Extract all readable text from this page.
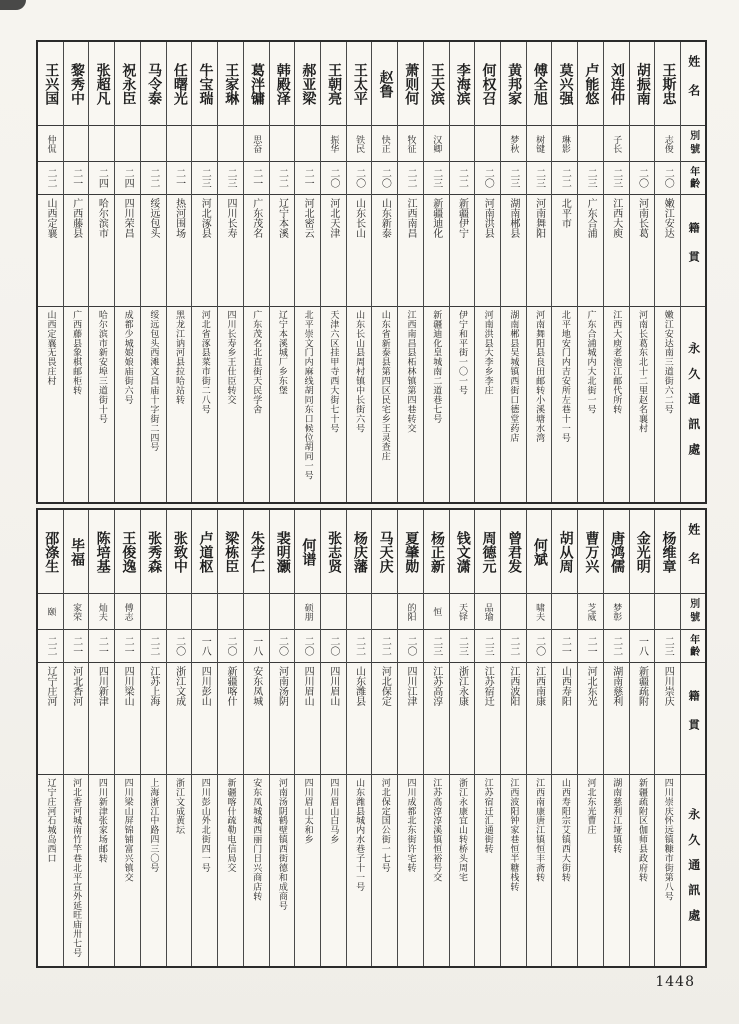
姓名
別號
年齡
籍貫
永久通訊處
王斯忠
志俊
二〇
嫩江安达
嫩江安达南三道街六二号
胡振南
二〇
河南长葛
河南长葛东北十二里赵名襄村
刘连仲
子长
二三
江西大庾
江西大庾老池江邮代所转
卢能悠
二三
广东合浦
广东合浦城内大北街一号
莫兴强
琳影
二二
北平市
北平地安门内吉安所左巷十一号
傅全旭
树键
二三
河南舞阳
河南舞阳县良田邮转小溪塘水湾
黄邦家
梦秋
二三
湖南郴县
湖南郴县吴城镇西街口德堂药店
何权召
二〇
河南洪县
河南洪县大李乡李庄
李海滨
二二
新疆伊宁
伊宁和平街一〇一号
王天滨
汉卿
二三
新疆迪化
新疆迪化皇城南二道巷七号
萧则何
牧征
二二
江西南昌
江西南昌县柘林镇第四巷转交
赵鲁
快正
二〇
山东新泰
山东省新泰县第四区民宅乡王灵查庄
王太平
铁民
二〇
山东长山
山东长山县周村镇中长街六号
王朝亮
振华
二〇
河北天津
天津六区挂甲寺西大街七十号
郝亚梁
二一
河北密云
北平崇文门内麻线胡同东口候位胡同一号
韩殿泽
二二
辽宁本溪
辽宁本溪城厂乡东堡
葛泮镛
思奋
二一
广东茂名
广东茂名北直街天民学舍
王家琳
二三
四川长寿
四川长寿乡王仕臣转交
牛宝瑞
二三
河北涿县
河北省涿县菜市街二八号
任曙光
二一
热河围场
黑龙江讷河县拉哈站转
马令泰
二二
绥远包头
绥远包头西滩文昌庙十字街二四号
祝永臣
二四
四川荣昌
成都少城娘娘庙街六号
张超凡
二四
哈尔滨市
哈尔滨市新安埠三道街十号
黎秀中
二一
广西藤县
广西藤县象棋邮柜转
王兴国
仲侃
二二
山西定襄
山西定襄无畏庄村
姓名
別號
年齡
籍貫
永久通訊處
杨维章
二三
四川崇庆
四川崇庆怀远镇糠市街第八号
金光明
一八
新疆疏附
新疆疏附区伽师县政府转
唐鸿儒
梦彰
二二
湖南慈利
湖南慈利江垭镇转
曹万兴
芝威
二一
河北东光
河北东光曹庄
胡从周
二一
山西寿阳
山西寿阳宗艾镇西大街转
何斌
啸夫
二〇
江西南康
江西南康唐江镇恒丰斋转
曾君发
二二
江西波阳
江西波阳钟家巷恒半糖栈转
周德元
品瑜
二三
江苏宿迁
江苏宿迁汇通街转
钱文潇
天铎
二三
浙江永康
浙江永康宜山转桥头周宅
杨正新
恒
二三
江苏高淳
江苏高淳淳溪镇恒裕号交
夏肇勋
的阳
二〇
四川江津
四川成都北东街许宅转
马天庆
二二
河北保定
河北保定国公街一七号
杨庆藩
二二
山东潍县
山东潍县城内水巷子十一号
张志贤
二〇
四川眉山
四川眉山白马乡
何谱
硕朋
二〇
四川眉山
四川眉山太和乡
裴明灏
二〇
河南汤阴
河南汤阴鹤壁镇西街德和成商号
朱学仁
一八
安东凤城
安东凤城城西丽门日兴商店转
梁栋臣
二〇
新疆喀什
新疆喀什疏勒电信局交
卢道枢
一八
四川彭山
四川彭山外北街四一号
张致中
二〇
浙江文成
浙江文成黄坛
张秀森
二二
江苏上海
上海浙江中路四三〇号
王俊逸
傅志
二一
四川梁山
四川梁山屏锦铺富兴镇交
陈培基
灿夫
二一
四川新津
四川新津张家场邮转
毕福
家荣
二一
河北香河
河北香河城南竹竿巷北平宣外延旺庙卅七号
邵涤生
颐
二二
辽宁庄河
辽宁庄河石城岛西口
1448
